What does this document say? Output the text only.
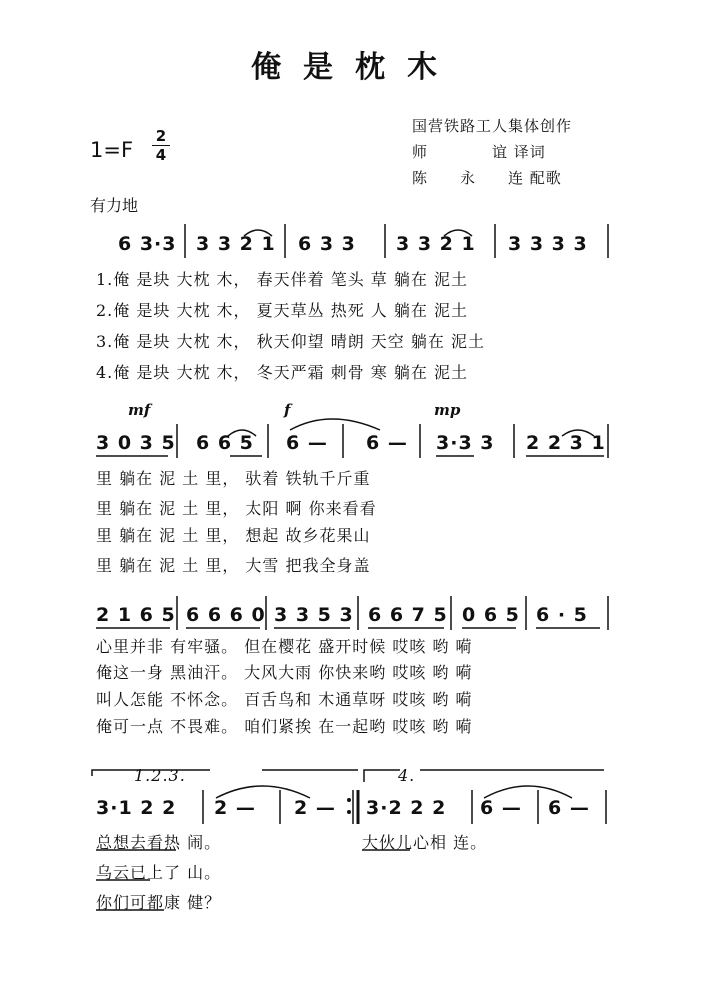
俺是枕木
国营铁路工人集体创作
师　　　　谊 译词
陈　　永　　连 配歌
1=F
2
4
有力地
6 3·3 3 3 2 1 6 3 3 3 3 2 1 3 3 3 3
1.俺 是块 大枕 木， 春天伴着 笔头 草 躺在 泥土
2.俺 是块 大枕 木， 夏天草丛 热死 人 躺在 泥土
3.俺 是块 大枕 木， 秋天仰望 晴朗 天空 躺在 泥土
4.俺 是块 大枕 木， 冬天严霜 刺骨 寒 躺在 泥土
mf	f	mp
3 0 3 5 6 6 5 6 — 6 — 3·3 3 2 2 3 1
里 躺在 泥 土 里， 驮着 铁轨千斤重
里 躺在 泥 土 里， 太阳 啊 你来看看
里 躺在 泥 土 里， 想起 故乡花果山
里 躺在 泥 土 里， 大雪 把我全身盖
2 1 6 5 6 6 6 0 3 3 5 3 6 6 7 5 0 6 5 6 · 5
心里并非 有牢骚。 但在樱花 盛开时候 哎咳 哟 嗬
俺这一身 黑油汗。 大风大雨 你快来哟 哎咳 哟 嗬
叫人怎能 不怀念。 百舌鸟和 木通草呀 哎咳 哟 嗬
俺可一点 不畏难。 咱们紧挨 在一起哟 哎咳 哟 嗬
1.2.3.	4.
3·1 2 2 2 — 2 — 3·2 2 2 6 — 6 —
总想去看热 闹。	大伙儿心相 连。
乌云已上了 山。
你们可都康 健？
